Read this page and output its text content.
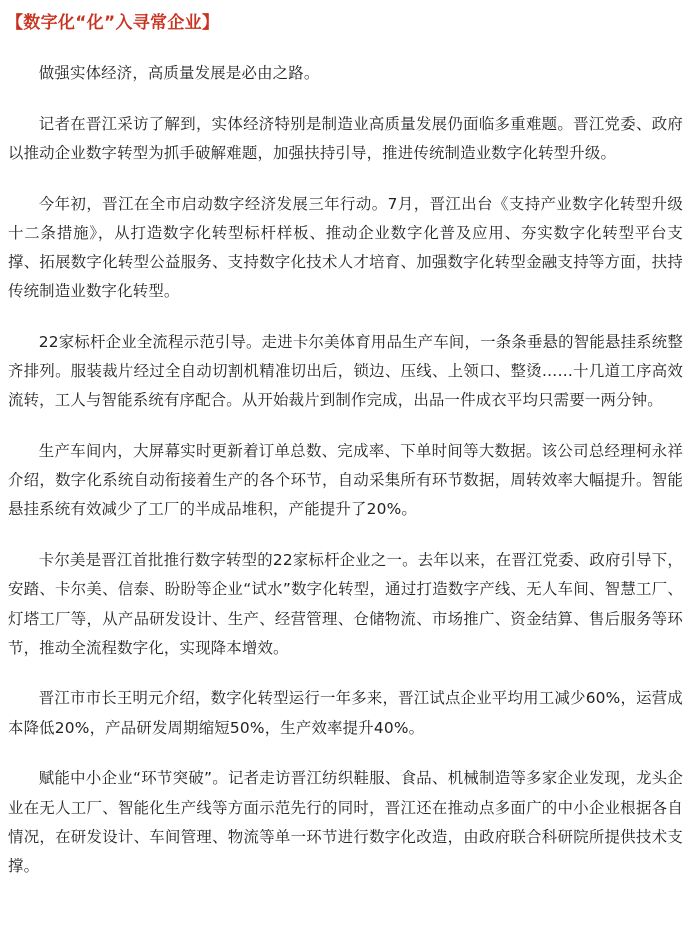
【数字化“化”入寻常企业】

做强实体经济，高质量发展是必由之路。

记者在晋江采访了解到，实体经济特别是制造业高质量发展仍面临多重难题。晋江党委、政府以推动企业数字转型为抓手破解难题，加强扶持引导，推进传统制造业数字化转型升级。

今年初，晋江在全市启动数字经济发展三年行动。7月，晋江出台《支持产业数字化转型升级十二条措施》，从打造数字化转型标杆样板、推动企业数字化普及应用、夯实数字化转型平台支撑、拓展数字化转型公益服务、支持数字化技术人才培育、加强数字化转型金融支持等方面，扶持传统制造业数字化转型。

22家标杆企业全流程示范引导。走进卡尔美体育用品生产车间，一条条垂悬的智能悬挂系统整齐排列。服装裁片经过全自动切割机精准切出后，锁边、压线、上领口、整烫……十几道工序高效流转，工人与智能系统有序配合。从开始裁片到制作完成，出品一件成衣平均只需要一两分钟。

生产车间内，大屏幕实时更新着订单总数、完成率、下单时间等大数据。该公司总经理柯永祥介绍，数字化系统自动衔接着生产的各个环节，自动采集所有环节数据，周转效率大幅提升。智能悬挂系统有效减少了工厂的半成品堆积，产能提升了20%。

卡尔美是晋江首批推行数字转型的22家标杆企业之一。去年以来，在晋江党委、政府引导下，安踏、卡尔美、信泰、盼盼等企业“试水”数字化转型，通过打造数字产线、无人车间、智慧工厂、灯塔工厂等，从产品研发设计、生产、经营管理、仓储物流、市场推广、资金结算、售后服务等环节，推动全流程数字化，实现降本增效。

晋江市市长王明元介绍，数字化转型运行一年多来，晋江试点企业平均用工减少60%，运营成本降低20%，产品研发周期缩短50%，生产效率提升40%。

赋能中小企业“环节突破”。记者走访晋江纺织鞋服、食品、机械制造等多家企业发现，龙头企业在无人工厂、智能化生产线等方面示范先行的同时，晋江还在推动点多面广的中小企业根据各自情况，在研发设计、车间管理、物流等单一环节进行数字化改造，由政府联合科研院所提供技术支撑。
